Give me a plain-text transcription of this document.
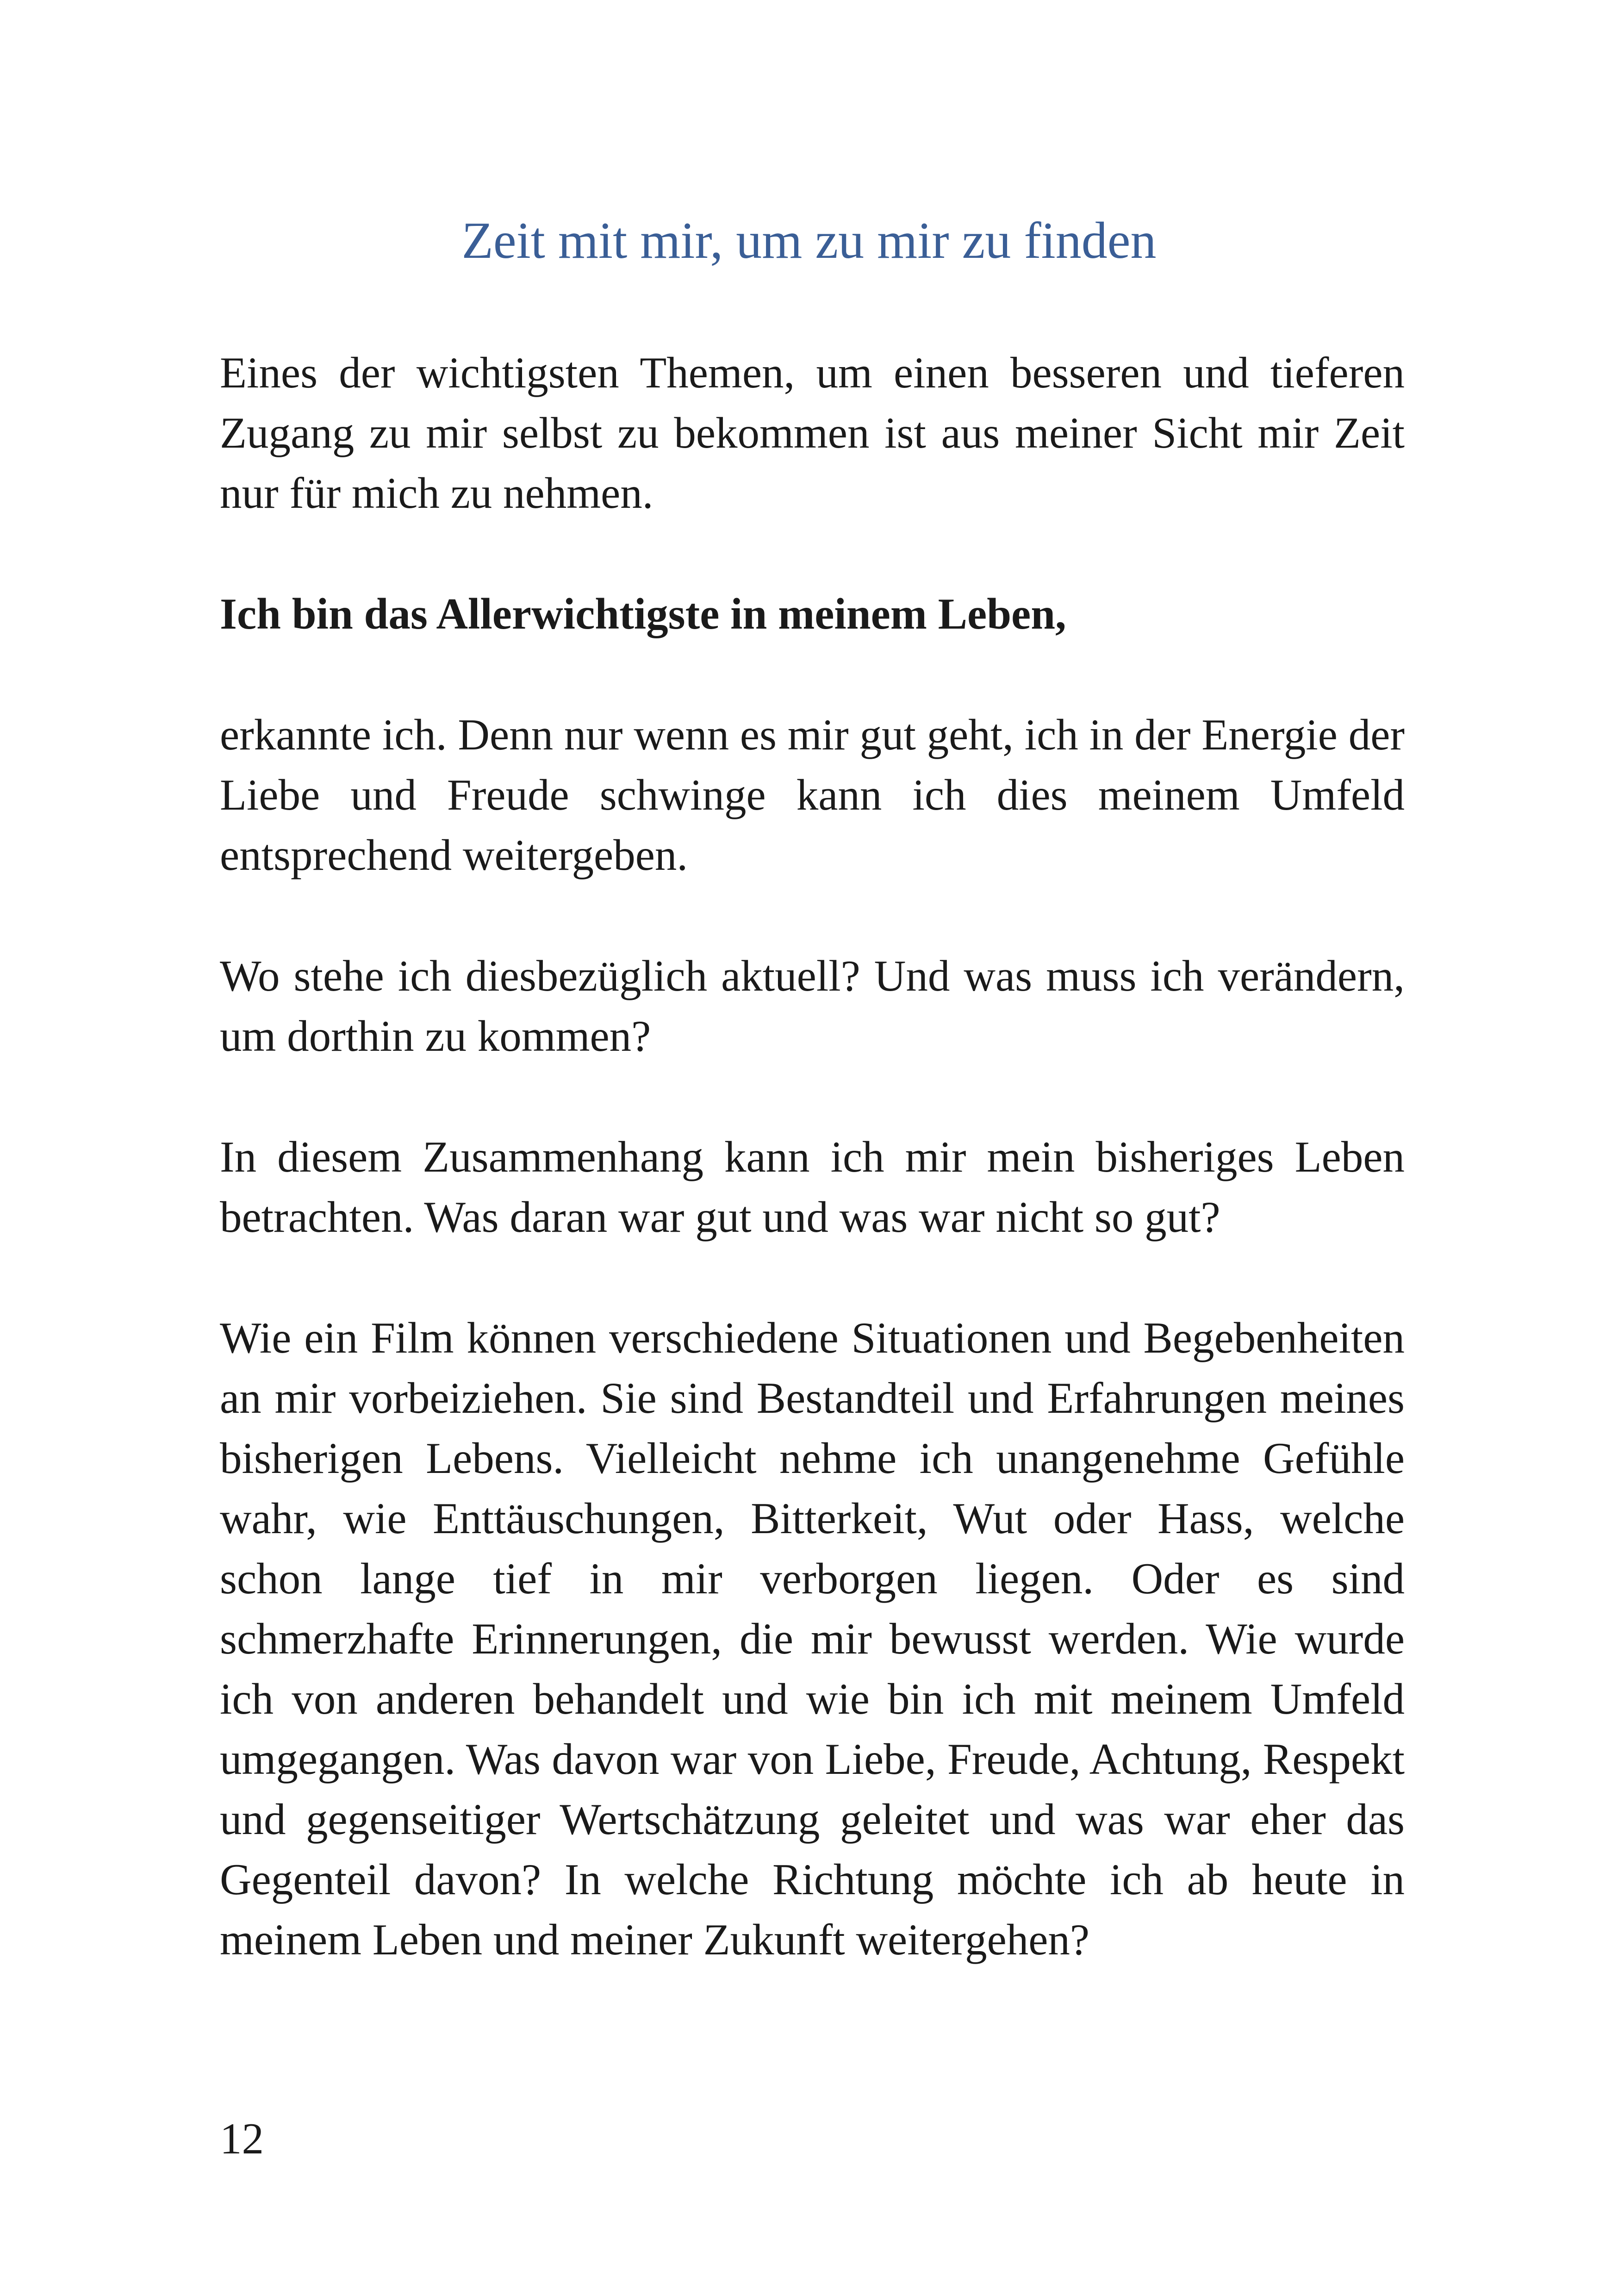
Zeit mit mir, um zu mir zu finden

Eines der wichtigsten Themen, um einen besseren und tieferen Zugang zu mir selbst zu bekommen ist aus meiner Sicht mir Zeit nur für mich zu nehmen.

Ich bin das Allerwichtigste in meinem Leben,

erkannte ich. Denn nur wenn es mir gut geht, ich in der Energie der Liebe und Freude schwinge kann ich dies meinem Umfeld entsprechend weitergeben.

Wo stehe ich diesbezüglich aktuell? Und was muss ich verändern, um dorthin zu kommen?

In diesem Zusammenhang kann ich mir mein bisheriges Leben betrachten. Was daran war gut und was war nicht so gut?

Wie ein Film können verschiedene Situationen und Begebenheiten an mir vorbeiziehen. Sie sind Bestandteil und Erfahrungen meines bisherigen Lebens. Vielleicht nehme ich unangenehme Gefühle wahr, wie Enttäuschungen, Bitterkeit, Wut oder Hass, welche schon lange tief in mir verborgen liegen. Oder es sind schmerzhafte Erinnerungen, die mir bewusst werden. Wie wurde ich von anderen behandelt und wie bin ich mit meinem Umfeld umgegangen. Was davon war von Liebe, Freude, Achtung, Respekt und gegenseitiger Wertschätzung geleitet und was war eher das Gegenteil davon? In welche Richtung möchte ich ab heute in meinem Leben und meiner Zukunft weitergehen?

12
